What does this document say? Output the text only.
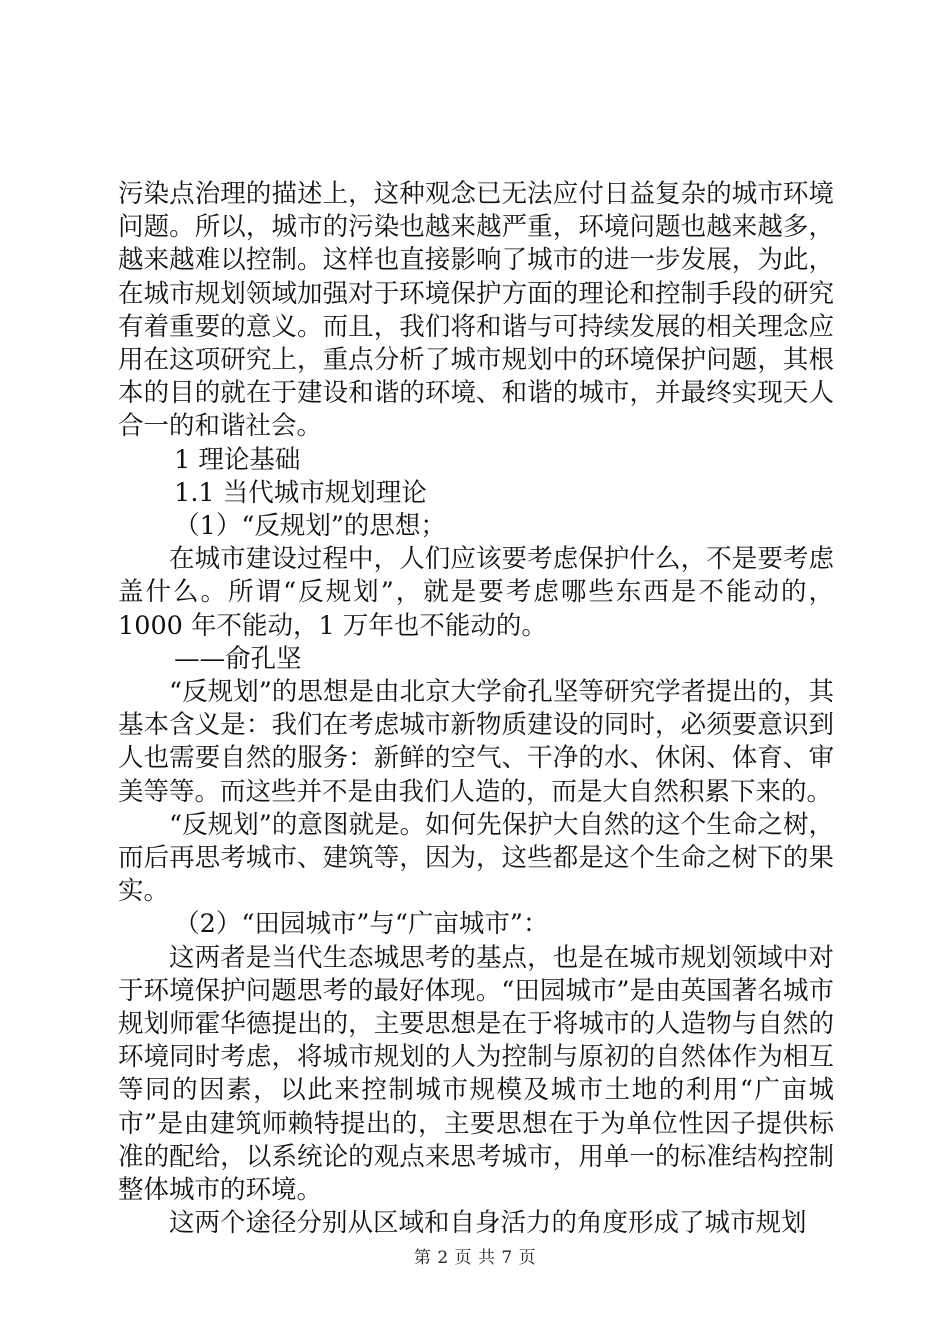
污染点治理的描述上，这种观念已无法应付日益复杂的城市环境问题。所以，城市的污染也越来越严重，环境问题也越来越多，越来越难以控制。这样也直接影响了城市的进一步发展，为此，在城市规划领域加强对于环境保护方面的理论和控制手段的研究有着重要的意义。而且，我们将和谐与可持续发展的相关理念应用在这项研究上，重点分析了城市规划中的环境保护问题，其根本的目的就在于建设和谐的环境、和谐的城市，并最终实现天人合一的和谐社会。

1 理论基础

1.1 当代城市规划理论

（1）“反规划”的思想；

在城市建设过程中，人们应该要考虑保护什么，不是要考虑盖什么。所谓“反规划”，就是要考虑哪些东西是不能动的，1000 年不能动，1 万年也不能动的。

——俞孔坚

“反规划”的思想是由北京大学俞孔坚等研究学者提出的，其基本含义是：我们在考虑城市新物质建设的同时，必须要意识到人也需要自然的服务：新鲜的空气、干净的水、休闲、体育、审美等等。而这些并不是由我们人造的，而是大自然积累下来的。

“反规划”的意图就是。如何先保护大自然的这个生命之树，而后再思考城市、建筑等，因为，这些都是这个生命之树下的果实。

（2）“田园城市”与“广亩城市”：

这两者是当代生态城思考的基点，也是在城市规划领域中对于环境保护问题思考的最好体现。“田园城市”是由英国著名城市规划师霍华德提出的，主要思想是在于将城市的人造物与自然的环境同时考虑，将城市规划的人为控制与原初的自然体作为相互等同的因素，以此来控制城市规模及城市土地的利用“广亩城市”是由建筑师赖特提出的，主要思想在于为单位性因子提供标准的配给，以系统论的观点来思考城市，用单一的标准结构控制整体城市的环境。

这两个途径分别从区域和自身活力的角度形成了城市规划

第 2 页 共 7 页
